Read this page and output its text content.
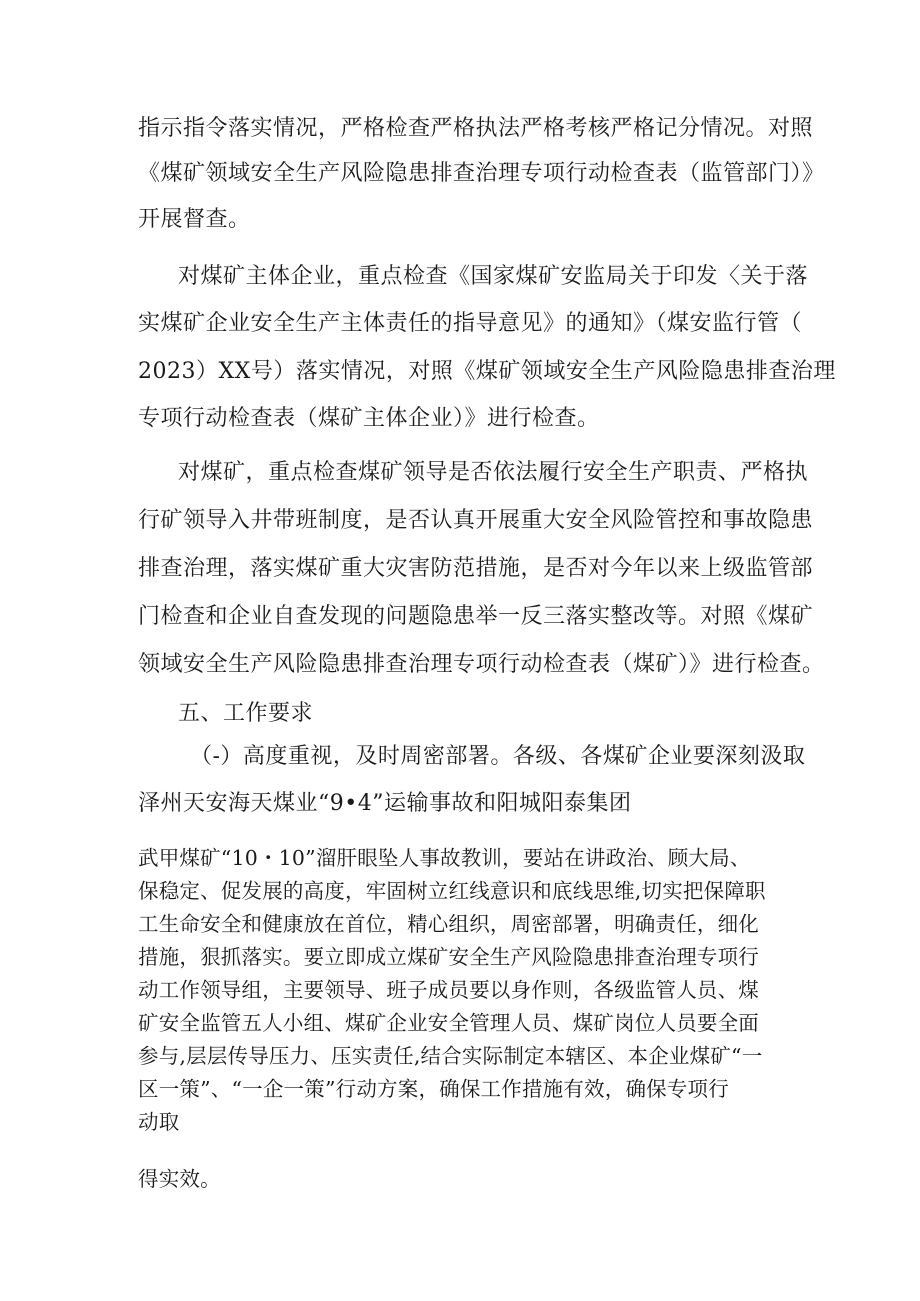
指示指令落实情况，严格检查严格执法严格考核严格记分情况。对照
《煤矿领域安全生产风险隐患排查治理专项行动检查表（监管部门）》
开展督查。
对煤矿主体企业，重点检查《国家煤矿安监局关于印发〈关于落
实煤矿企业安全生产主体责任的指导意见》的通知》（煤安监行管（
2023）XX号）落实情况，对照《煤矿领域安全生产风险隐患排查治理
专项行动检查表（煤矿主体企业）》进行检查。
对煤矿，重点检查煤矿领导是否依法履行安全生产职责、严格执
行矿领导入井带班制度，是否认真开展重大安全风险管控和事故隐患
排查治理，落实煤矿重大灾害防范措施，是否对今年以来上级监管部
门检查和企业自查发现的问题隐患举一反三落实整改等。对照《煤矿
领域安全生产风险隐患排查治理专项行动检查表（煤矿）》进行检查。
五、工作要求
（-）高度重视，及时周密部署。各级、各煤矿企业要深刻汲取
泽州天安海天煤业“9•4”运输事故和阳城阳泰集团
武甲煤矿“10・10”溜肝眼坠人事故教训，要站在讲政治、顾大局、
保稳定、促发展的高度，牢固树立红线意识和底线思维,切实把保障职
工生命安全和健康放在首位，精心组织，周密部署，明确责任，细化
措施，狠抓落实。要立即成立煤矿安全生产风险隐患排查治理专项行
动工作领导组，主要领导、班子成员要以身作则，各级监管人员、煤
矿安全监管五人小组、煤矿企业安全管理人员、煤矿岗位人员要全面
参与,层层传导压力、压实责任,结合实际制定本辖区、本企业煤矿“一
区一策”、“一企一策”行动方案，确保工作措施有效，确保专项行
动取
得实效。
